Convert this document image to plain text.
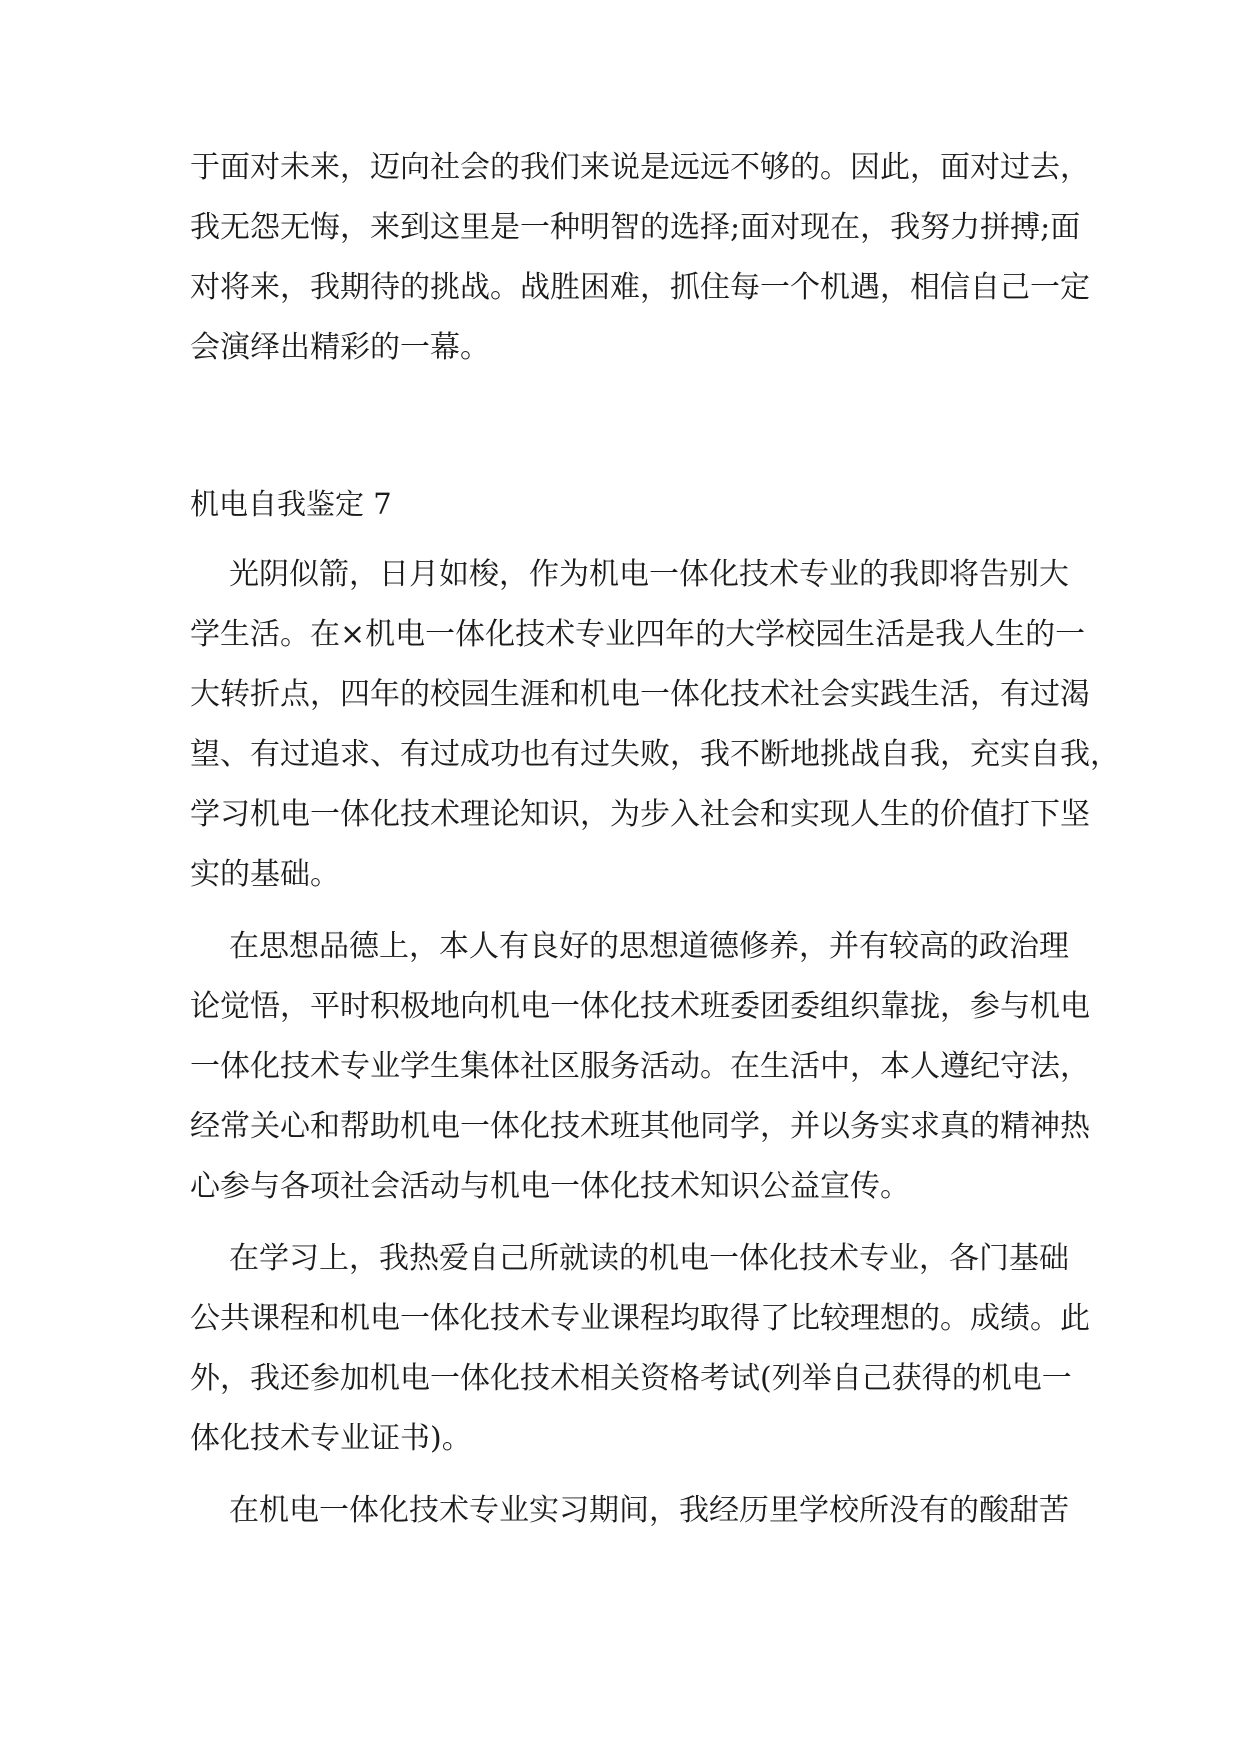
于面对未来，迈向社会的我们来说是远远不够的。因此，面对过去，
我无怨无悔，来到这里是一种明智的选择;面对现在，我努力拼搏;面
对将来，我期待的挑战。战胜困难，抓住每一个机遇，相信自己一定
会演绎出精彩的一幕。
机电自我鉴定 7
光阴似箭，日月如梭，作为机电一体化技术专业的我即将告别大
学生活。在×机电一体化技术专业四年的大学校园生活是我人生的一
大转折点，四年的校园生涯和机电一体化技术社会实践生活，有过渴
望、有过追求、有过成功也有过失败，我不断地挑战自我，充实自我，
学习机电一体化技术理论知识，为步入社会和实现人生的价值打下坚
实的基础。
在思想品德上，本人有良好的思想道德修养，并有较高的政治理
论觉悟，平时积极地向机电一体化技术班委团委组织靠拢，参与机电
一体化技术专业学生集体社区服务活动。在生活中，本人遵纪守法，
经常关心和帮助机电一体化技术班其他同学，并以务实求真的精神热
心参与各项社会活动与机电一体化技术知识公益宣传。
在学习上，我热爱自己所就读的机电一体化技术专业，各门基础
公共课程和机电一体化技术专业课程均取得了比较理想的。成绩。此
外，我还参加机电一体化技术相关资格考试(列举自己获得的机电一
体化技术专业证书)。
在机电一体化技术专业实习期间，我经历里学校所没有的酸甜苦
